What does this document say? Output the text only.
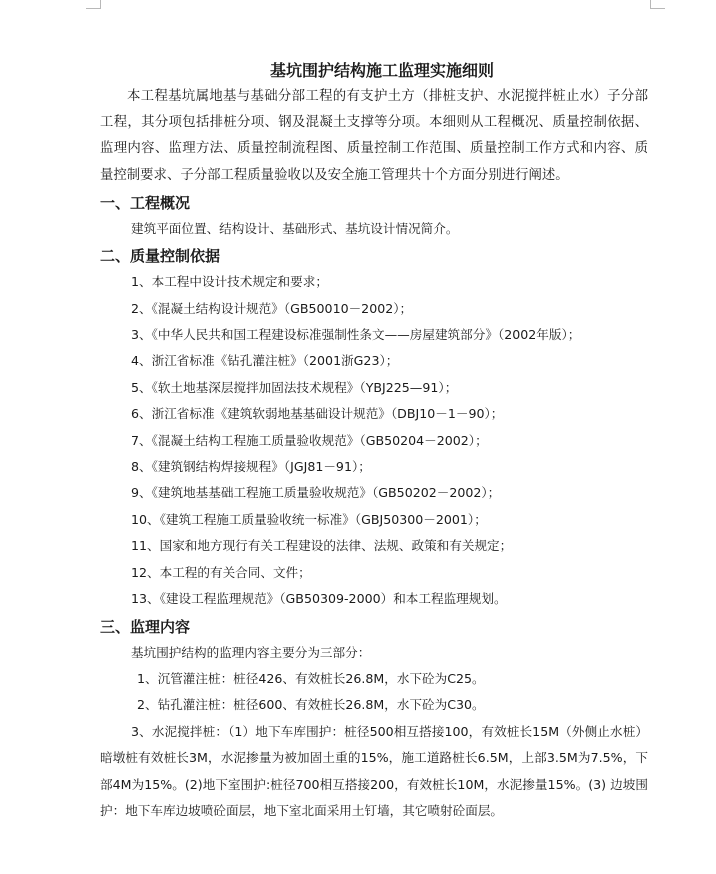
基坑围护结构施工监理实施细则

本工程基坑属地基与基础分部工程的有支护土方（排桩支护、水泥搅拌桩止水）子分部工程，其分项包括排桩分项、钢及混凝土支撑等分项。本细则从工程概况、质量控制依据、监理内容、监理方法、质量控制流程图、质量控制工作范围、质量控制工作方式和内容、质量控制要求、子分部工程质量验收以及安全施工管理共十个方面分别进行阐述。

一、工程概况

建筑平面位置、结构设计、基础形式、基坑设计情况简介。

二、质量控制依据
1、本工程中设计技术规定和要求；
2、《混凝土结构设计规范》（GB50010－2002）；
3、《中华人民共和国工程建设标准强制性条文——房屋建筑部分》（2002年版）；
4、浙江省标准《钻孔灌注桩》（2001浙G23）；
5、《软土地基深层搅拌加固法技术规程》（YBJ225—91）；
6、浙江省标准《建筑软弱地基基础设计规范》（DBJ10－1－90）；
7、《混凝土结构工程施工质量验收规范》（GB50204－2002）；
8、《建筑钢结构焊接规程》（JGJ81－91）；
9、《建筑地基基础工程施工质量验收规范》（GB50202－2002）；
10、《建筑工程施工质量验收统一标准》（GBJ50300－2001）；
11、国家和地方现行有关工程建设的法律、法规、政策和有关规定；
12、本工程的有关合同、文件；
13、《建设工程监理规范》（GB50309-2000）和本工程监理规划。
三、监理内容

基坑围护结构的监理内容主要分为三部分：

1、沉管灌注桩：桩径426、有效桩长26.8M，水下砼为C25。
2、钻孔灌注桩：桩径600、有效桩长26.8M，水下砼为C30。

3、水泥搅拌桩：（1）地下车库围护：桩径500相互搭接100，有效桩长15M（外侧止水桩）暗墩桩有效桩长3M，水泥掺量为被加固土重的15%，施工道路桩长6.5M，上部3.5M为7.5%，下部4M为15%。(2)地下室围护:桩径700相互搭接200，有效桩长10M，水泥掺量15%。(3) 边坡围护：地下车库边坡喷砼面层，地下室北面采用土钉墙，其它喷射砼面层。
